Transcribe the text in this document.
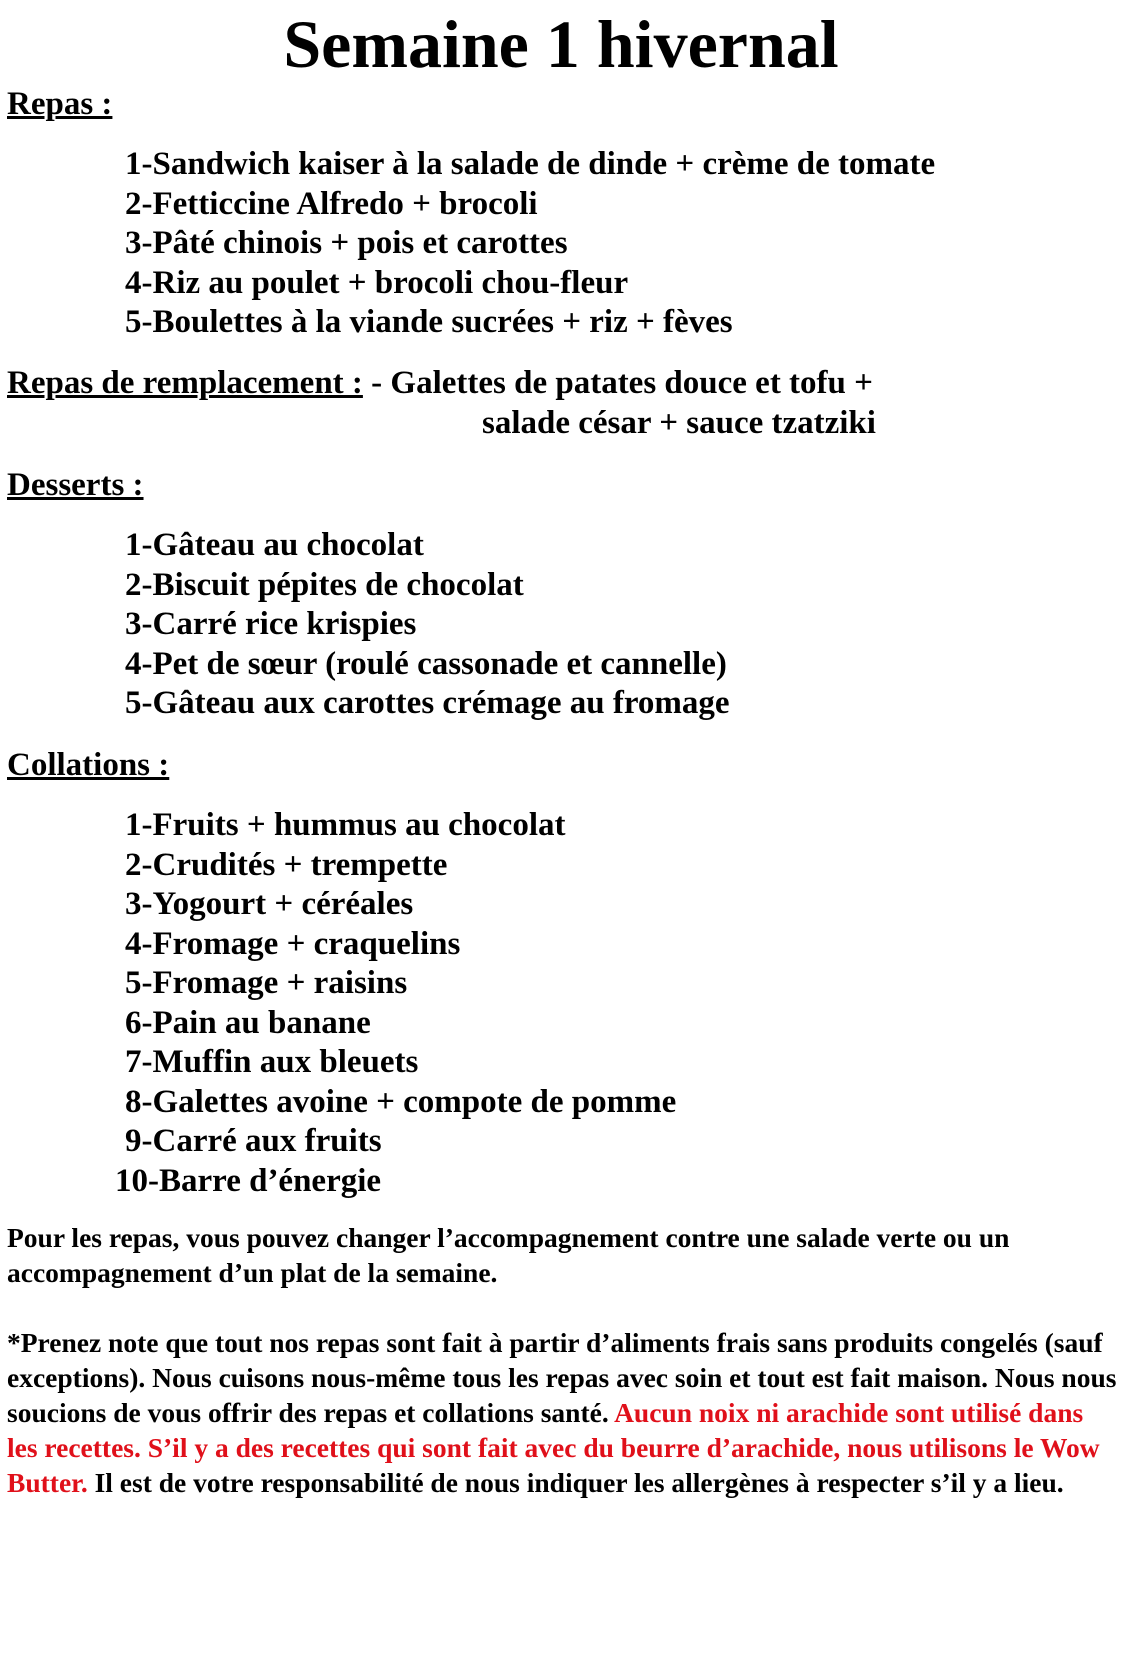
Semaine 1 hivernal
Repas :
1-Sandwich kaiser à la salade de dinde + crème de tomate
2-Fetticcine Alfredo + brocoli
3-Pâté chinois + pois et carottes
4-Riz au poulet + brocoli chou-fleur
5-Boulettes à la viande sucrées + riz + fèves
Repas de remplacement : - Galettes de patates douce et tofu +
salade césar + sauce tzatziki
Desserts :
1-Gâteau au chocolat
2-Biscuit pépites de chocolat
3-Carré rice krispies
4-Pet de sœur (roulé cassonade et cannelle)
5-Gâteau aux carottes crémage au fromage
Collations :
1-Fruits + hummus au chocolat
2-Crudités + trempette
3-Yogourt + céréales
4-Fromage + craquelins
5-Fromage + raisins
6-Pain au banane
7-Muffin aux bleuets
8-Galettes avoine + compote de pomme
9-Carré aux fruits
10-Barre d’énergie

Pour les repas, vous pouvez changer l’accompagnement contre une salade verte ou un accompagnement d’un plat de la semaine.

*Prenez note que tout nos repas sont fait à partir d’aliments frais sans produits congelés (sauf exceptions). Nous cuisons nous-même tous les repas avec soin et tout est fait maison. Nous nous soucions de vous offrir des repas et collations santé. Aucun noix ni arachide sont utilisé dans les recettes. S’il y a des recettes qui sont fait avec du beurre d’arachide, nous utilisons le Wow Butter. Il est de votre responsabilité de nous indiquer les allergènes à respecter s’il y a lieu.
